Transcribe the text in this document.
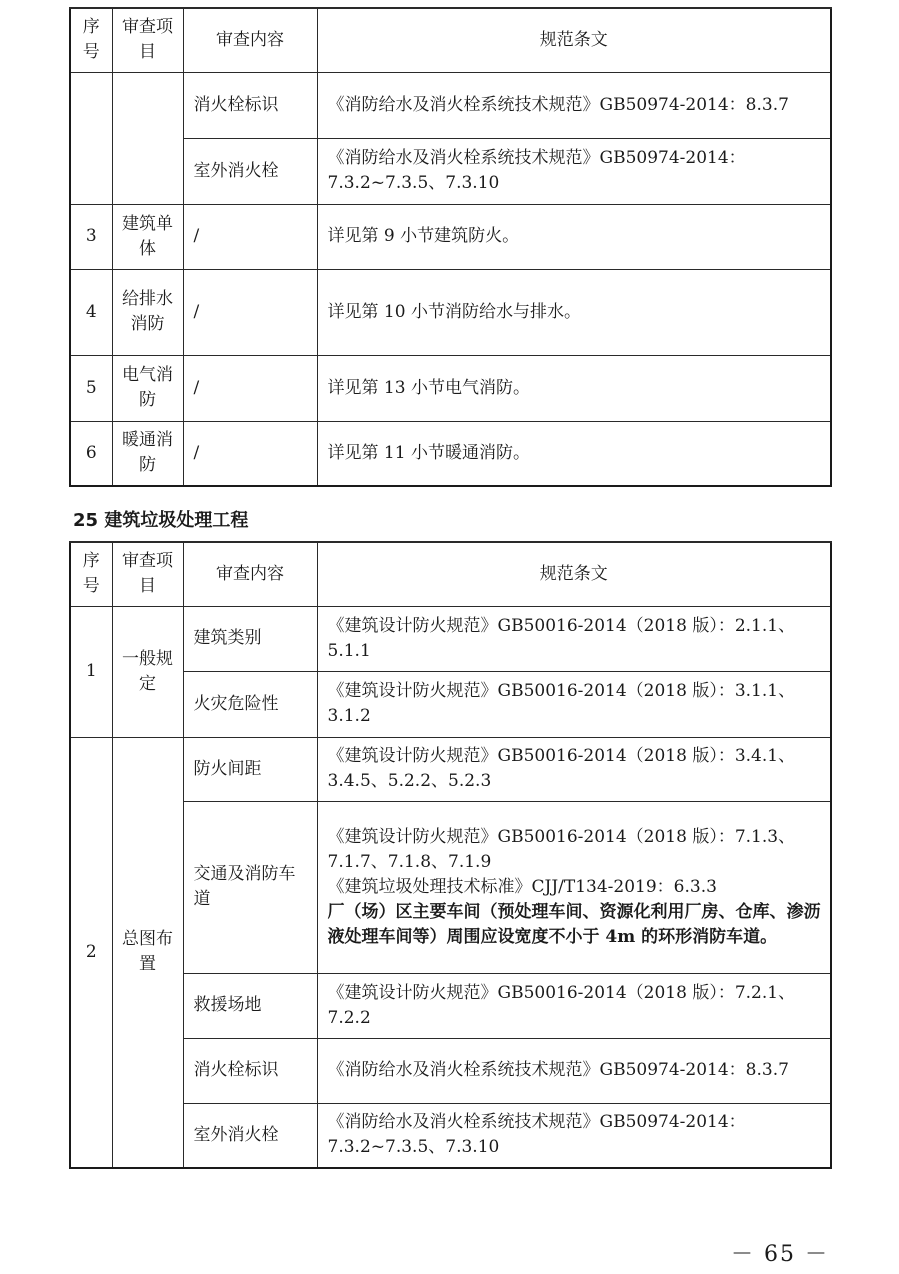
序号	审查项目	审查内容	规范条文
		消火栓标识	《消防给水及消火栓系统技术规范》GB50974-2014：8.3.7

		室外消火栓	《消防给水及消火栓系统技术规范》GB50974-2014：
7.3.2~7.3.5、7.3.10

3	建筑单体	/	详见第 9 小节建筑防火。

4	给排水消防	/	详见第 10 小节消防给水与排水。

5	电气消防	/	详见第 13 小节电气消防。

6	暖通消防	/	详见第 11 小节暖通消防。
25 建筑垃圾处理工程
序号	审查项目	审查内容	规范条文
1	一般规定	建筑类别	《建筑设计防火规范》GB50016-2014（2018 版）：2.1.1、
5.1.1

		火灾危险性	《建筑设计防火规范》GB50016-2014（2018 版）：3.1.1、
3.1.2

2	总图布置	防火间距	《建筑设计防火规范》GB50016-2014（2018 版）：3.4.1、
3.4.5、5.2.2、5.2.3

		交通及消防车道	《建筑设计防火规范》GB50016-2014（2018 版）：7.1.3、
7.1.7、7.1.8、7.1.9
《建筑垃圾处理技术标准》CJJ/T134-2019：6.3.3
厂（场）区主要车间（预处理车间、资源化利用厂房、仓库、渗沥液处理车间等）周围应设宽度不小于 4m 的环形消防车道。

		救援场地	《建筑设计防火规范》GB50016-2014（2018 版）：7.2.1、
7.2.2

		消火栓标识	《消防给水及消火栓系统技术规范》GB50974-2014：8.3.7

		室外消火栓	《消防给水及消火栓系统技术规范》GB50974-2014：
7.3.2~7.3.5、7.3.10
－ 65 －
